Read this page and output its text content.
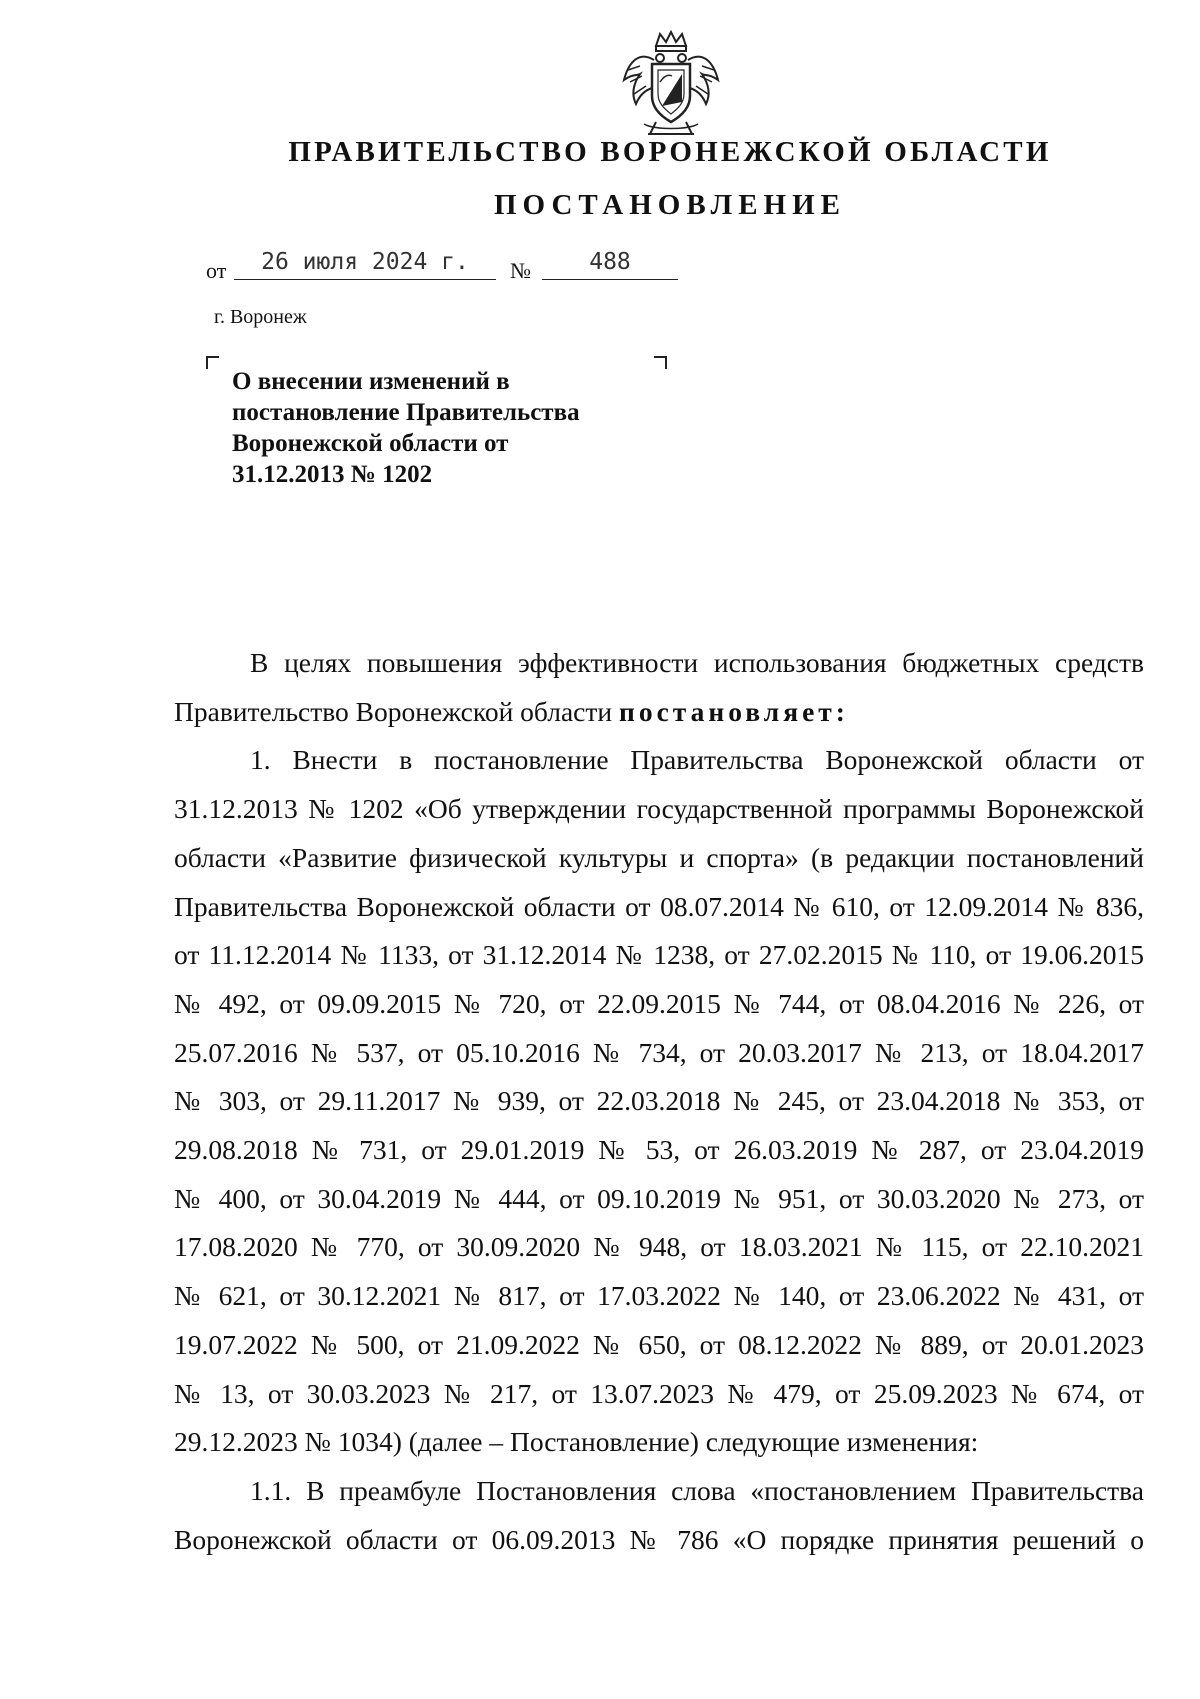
ПРАВИТЕЛЬСТВО ВОРОНЕЖСКОЙ ОБЛАСТИ
ПОСТАНОВЛЕНИЕ
от	26 июля 2024 г.	№	488
г. Воронеж
О внесении изменений в
постановление Правительства
Воронежской области от
31.12.2013 № 1202
В целях повышения эффективности использования бюджетных средств
Правительство Воронежской области постановляет:
1. Внести в постановление Правительства Воронежской области от
31.12.2013 № 1202 «Об утверждении государственной программы Воронежской
области «Развитие физической культуры и спорта» (в редакции постановлений
Правительства Воронежской области от 08.07.2014 № 610, от 12.09.2014 № 836,
от 11.12.2014 № 1133, от 31.12.2014 № 1238, от 27.02.2015 № 110, от 19.06.2015
№ 492, от 09.09.2015 № 720, от 22.09.2015 № 744, от 08.04.2016 № 226, от
25.07.2016 № 537, от 05.10.2016 № 734, от 20.03.2017 № 213, от 18.04.2017
№ 303, от 29.11.2017 № 939, от 22.03.2018 № 245, от 23.04.2018 № 353, от
29.08.2018 № 731, от 29.01.2019 № 53, от 26.03.2019 № 287, от 23.04.2019
№ 400, от 30.04.2019 № 444, от 09.10.2019 № 951, от 30.03.2020 № 273, от
17.08.2020 № 770, от 30.09.2020 № 948, от 18.03.2021 № 115, от 22.10.2021
№ 621, от 30.12.2021 № 817, от 17.03.2022 № 140, от 23.06.2022 № 431, от
19.07.2022 № 500, от 21.09.2022 № 650, от 08.12.2022 № 889, от 20.01.2023
№ 13, от 30.03.2023 № 217, от 13.07.2023 № 479, от 25.09.2023 № 674, от
29.12.2023 № 1034) (далее – Постановление) следующие изменения:
1.1. В преамбуле Постановления слова «постановлением Правительства
Воронежской области от 06.09.2013 № 786 «О порядке принятия решений о
